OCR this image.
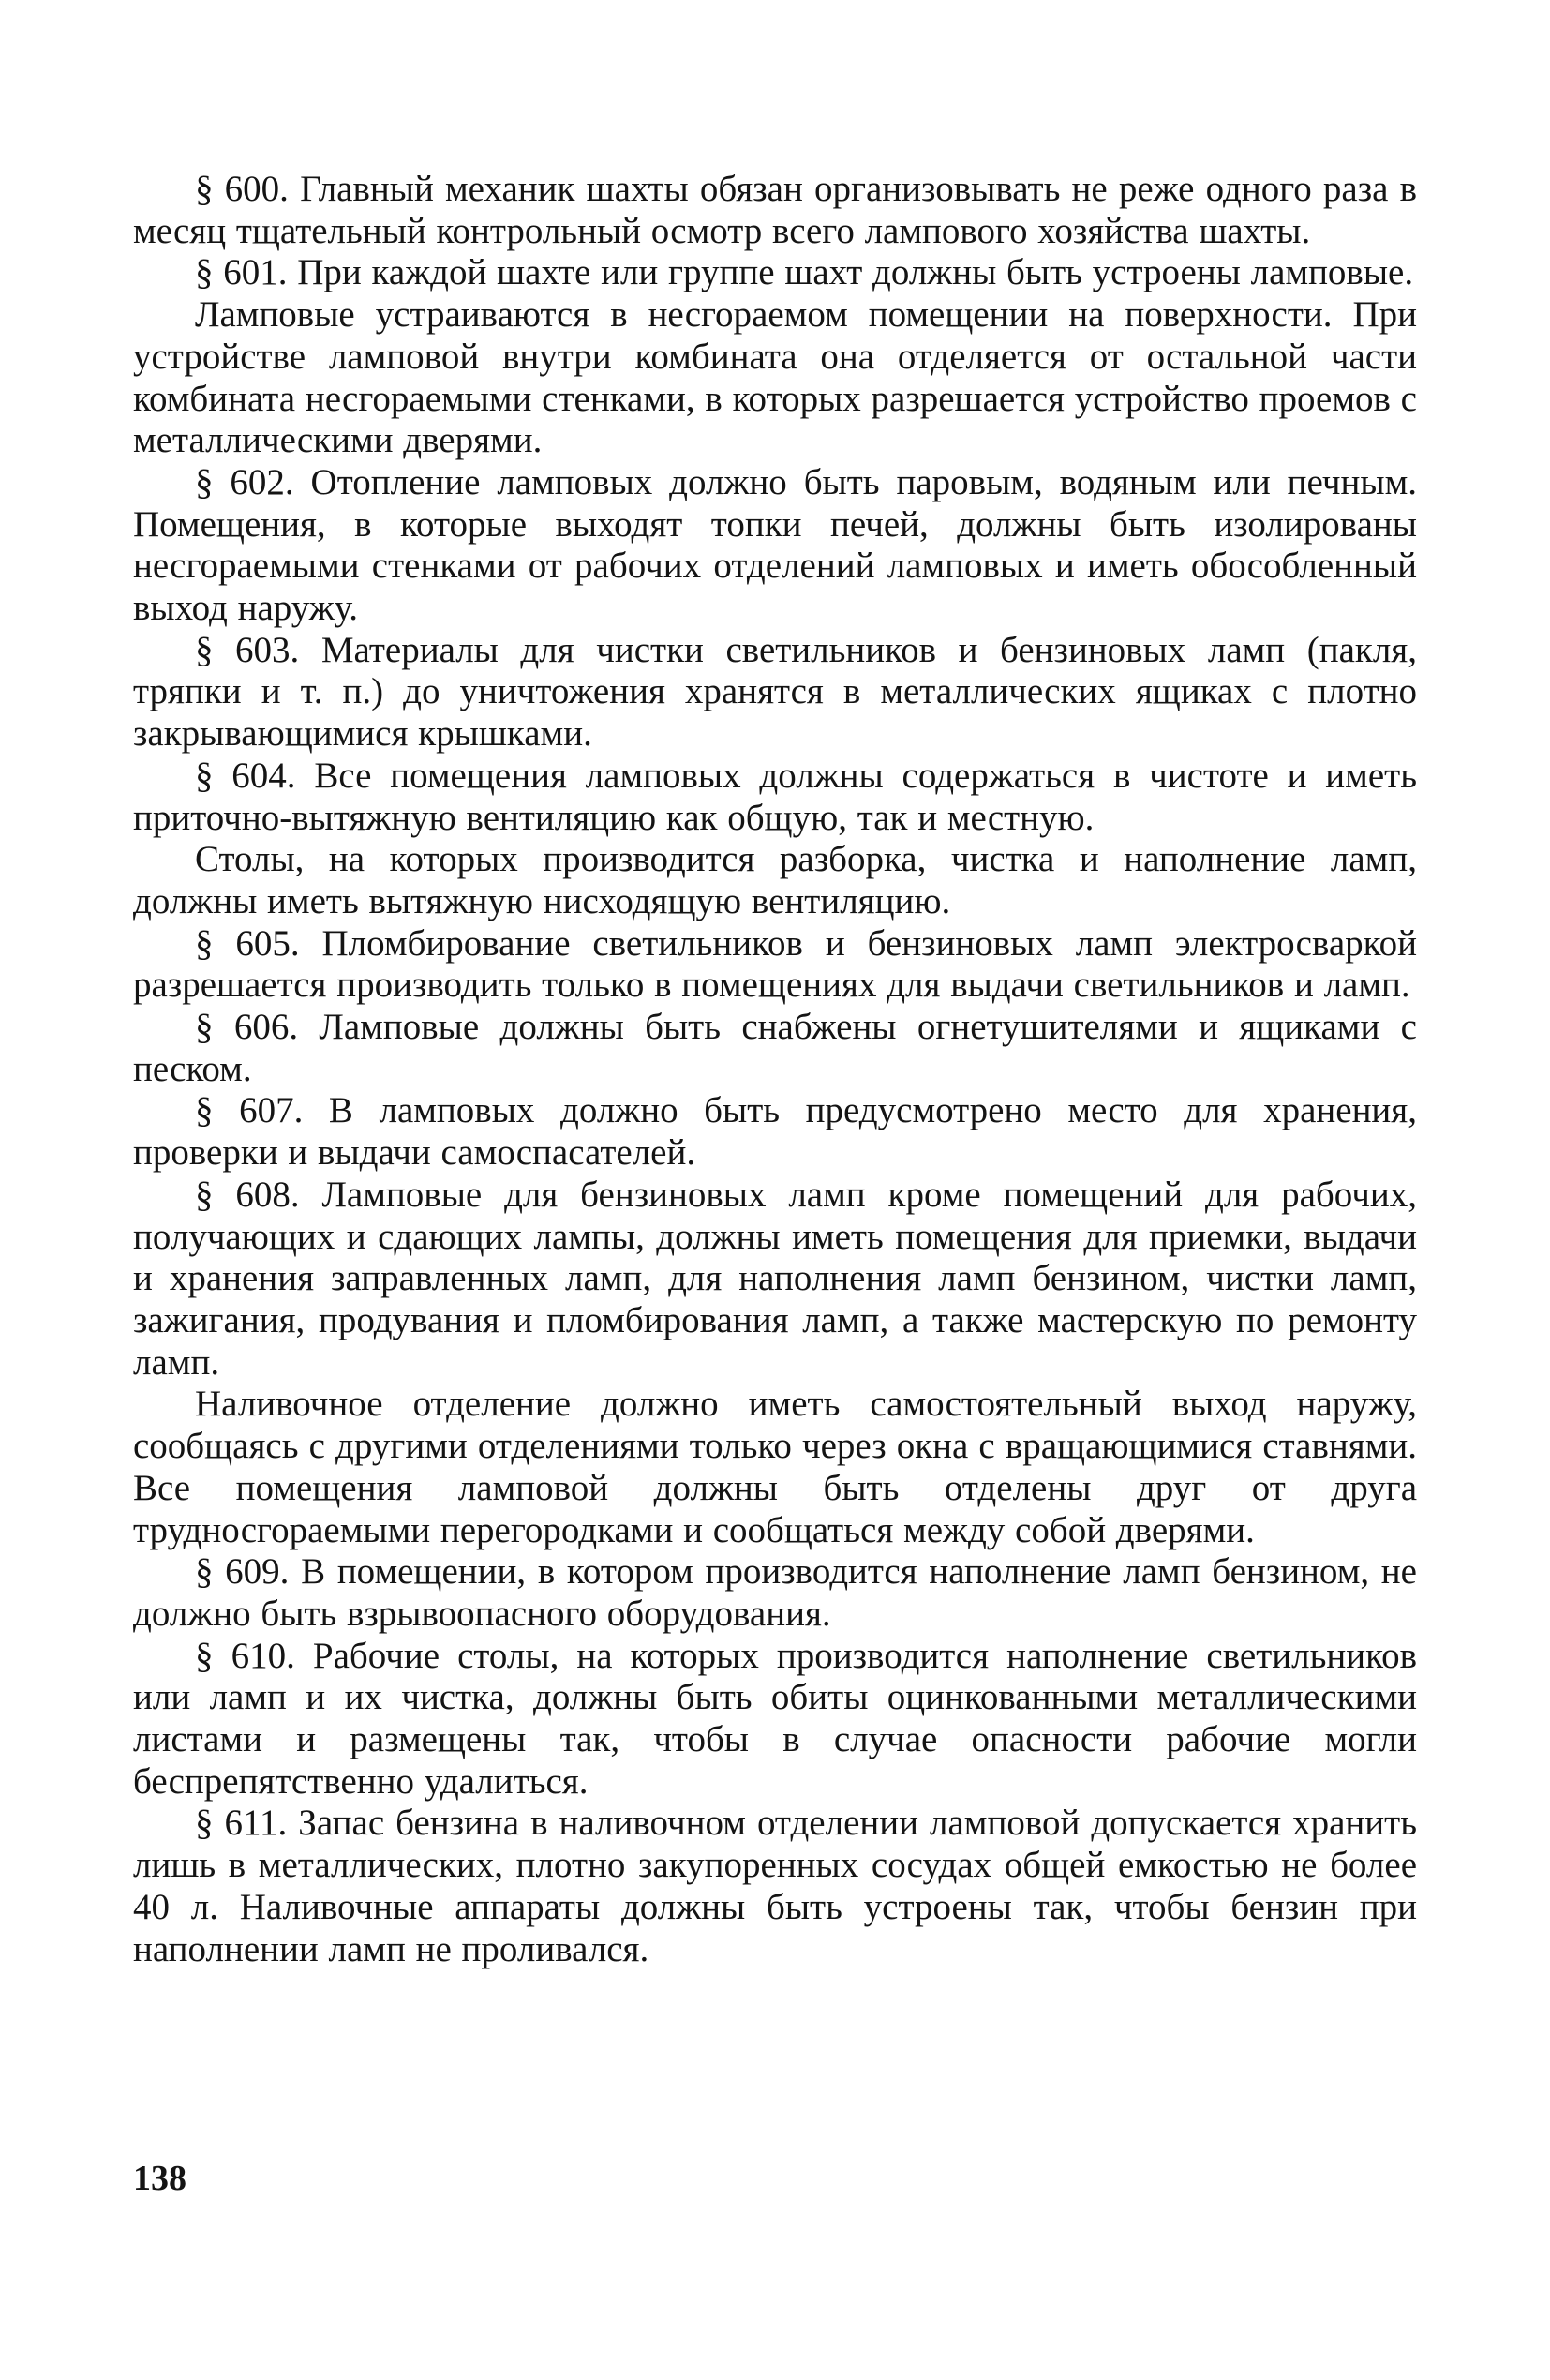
§ 600. Главный механик шахты обязан организовывать не реже одного раза в месяц тщательный контрольный осмотр всего лампового хозяйства шахты.

§ 601. При каждой шахте или группе шахт должны быть устроены ламповые.

Ламповые устраиваются в несгораемом помещении на поверхности. При устройстве ламповой внутри комбината она отделяется от остальной части комбината несгораемыми стенками, в которых разрешается устройство проемов с металлическими дверями.

§ 602. Отопление ламповых должно быть паровым, водяным или печным. Помещения, в которые выходят топки печей, должны быть изолированы несгораемыми стенками от рабочих отделений ламповых и иметь обособленный выход наружу.

§ 603. Материалы для чистки светильников и бензиновых ламп (пакля, тряпки и т. п.) до уничтожения хранятся в металлических ящиках с плотно закрывающимися крышками.

§ 604. Все помещения ламповых должны содержаться в чистоте и иметь приточно-вытяжную вентиляцию как общую, так и местную.

Столы, на которых производится разборка, чистка и наполнение ламп, должны иметь вытяжную нисходящую вентиляцию.

§ 605. Пломбирование светильников и бензиновых ламп электросваркой разрешается производить только в помещениях для выдачи светильников и ламп.

§ 606. Ламповые должны быть снабжены огнетушителями и ящиками с песком.

§ 607. В ламповых должно быть предусмотрено место для хранения, проверки и выдачи самоспасателей.

§ 608. Ламповые для бензиновых ламп кроме помещений для рабочих, получающих и сдающих лампы, должны иметь помещения для приемки, выдачи и хранения заправленных ламп, для наполнения ламп бензином, чистки ламп, зажигания, продувания и пломбирования ламп, а также мастерскую по ремонту ламп.

Наливочное отделение должно иметь самостоятельный выход наружу, сообщаясь с другими отделениями только через окна с вращающимися ставнями. Все помещения ламповой должны быть отделены друг от друга трудносгораемыми перегородками и сообщаться между собой дверями.

§ 609. В помещении, в котором производится наполнение ламп бензином, не должно быть взрывоопасного оборудования.

§ 610. Рабочие столы, на которых производится наполнение светильников или ламп и их чистка, должны быть обиты оцинкованными металлическими листами и размещены так, чтобы в случае опасности рабочие могли беспрепятственно удалиться.

§ 611. Запас бензина в наливочном отделении ламповой допускается хранить лишь в металлических, плотно закупоренных сосудах общей емкостью не более 40 л. Наливочные аппараты должны быть устроены так, чтобы бензин при наполнении ламп не проливался.

138
